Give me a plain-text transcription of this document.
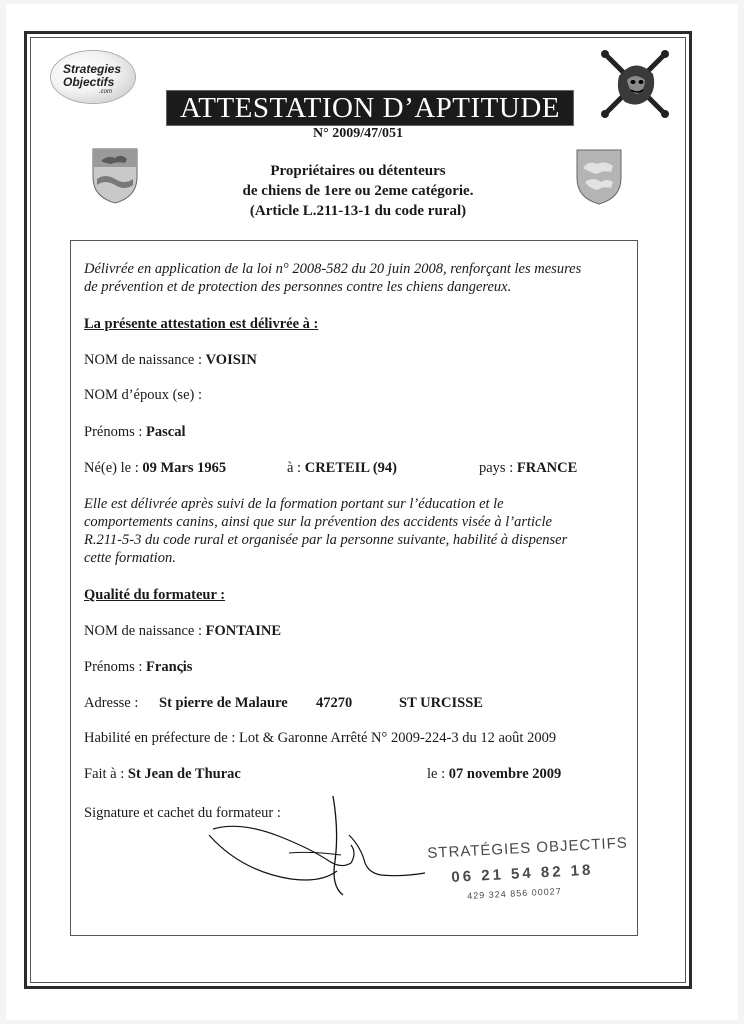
Strategies
Objectifs
.com	ATTESTATION D’APTITUDE
N° 2009/47/051
Propriétaires ou détenteurs
de chiens de 1ere ou 2eme catégorie.
(Article L.211-13-1 du code rural)
Délivrée en application de la loi n° 2008-582 du 20 juin 2008, renforçant les mesures
de prévention et de protection des personnes contre les chiens dangereux.
La présente attestation est délivrée à :
NOM de naissance : VOISIN
NOM d’époux (se) :
Prénoms : Pascal
Né(e) le : 09 Mars 1965	à : CRETEIL (94)	pays : FRANCE
Elle est délivrée après suivi de la formation portant sur l’éducation et le
comportements canins, ainsi que sur la prévention des accidents visée à l’article
R.211-5-3 du code rural et organisée par la personne suivante, habilité à dispenser
cette formation.
Qualité du formateur :
NOM de naissance : FONTAINE
Prénoms : Franςis
Adresse : St pierre de Malaure 47270	ST URCISSE
Habilité en préfecture de : Lot & Garonne Arrêté N° 2009-224-3 du 12 août 2009
Fait à : St Jean de Thurac	le : 07 novembre 2009
Signature et cachet du formateur :
STRATÉGIES OBJECTIFS
06 21 54 82 18
429 324 856 00027
